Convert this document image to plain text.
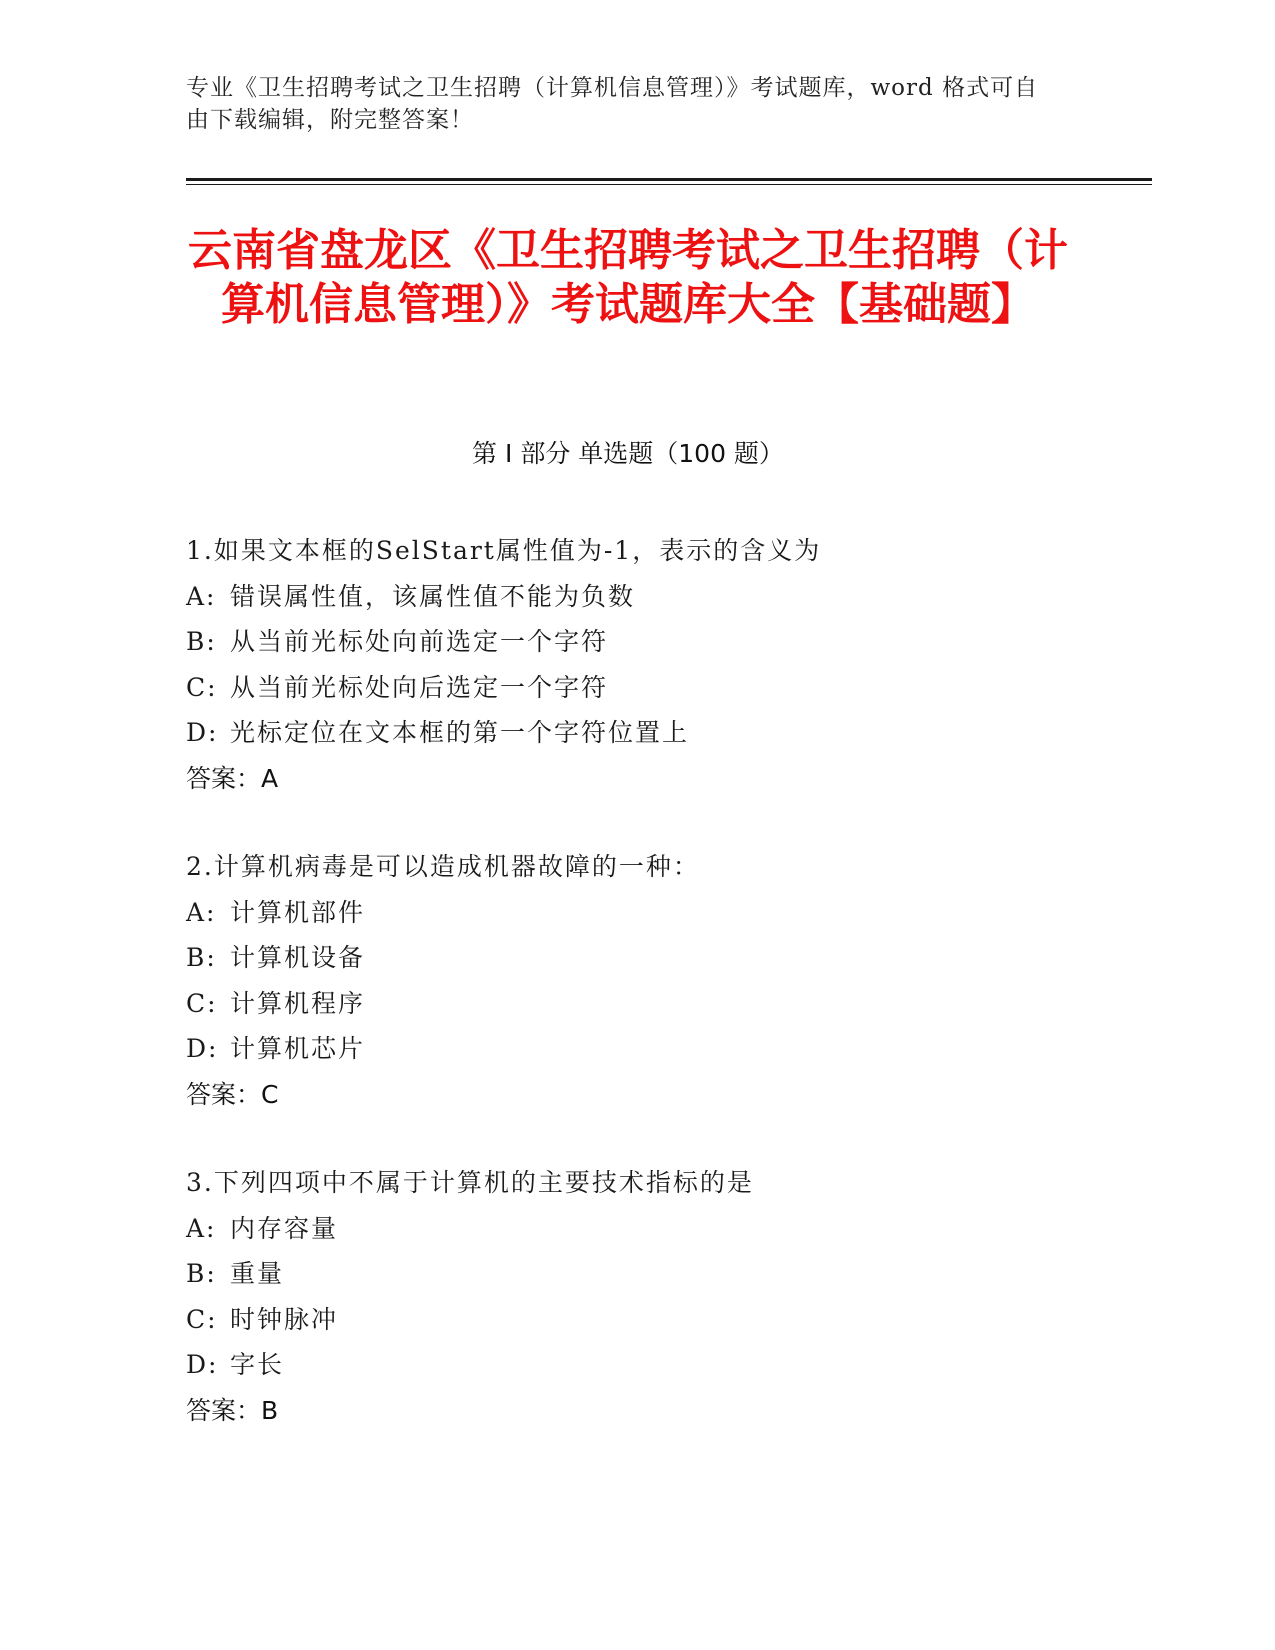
专业《卫生招聘考试之卫生招聘（计算机信息管理）》考试题库，word 格式可自
由下载编辑，附完整答案！
云南省盘龙区《卫生招聘考试之卫生招聘（计算机信息管理）》考试题库大全【基础题】
第 I 部分 单选题（100 题）
1.如果文本框的SelStart属性值为-1，表示的含义为
A: 错误属性值，该属性值不能为负数
B: 从当前光标处向前选定一个字符
C: 从当前光标处向后选定一个字符
D: 光标定位在文本框的第一个字符位置上
答案：A
2.计算机病毒是可以造成机器故障的一种：
A: 计算机部件
B: 计算机设备
C: 计算机程序
D: 计算机芯片
答案：C
3.下列四项中不属于计算机的主要技术指标的是
A: 内存容量
B: 重量
C: 时钟脉冲
D: 字长
答案：B
